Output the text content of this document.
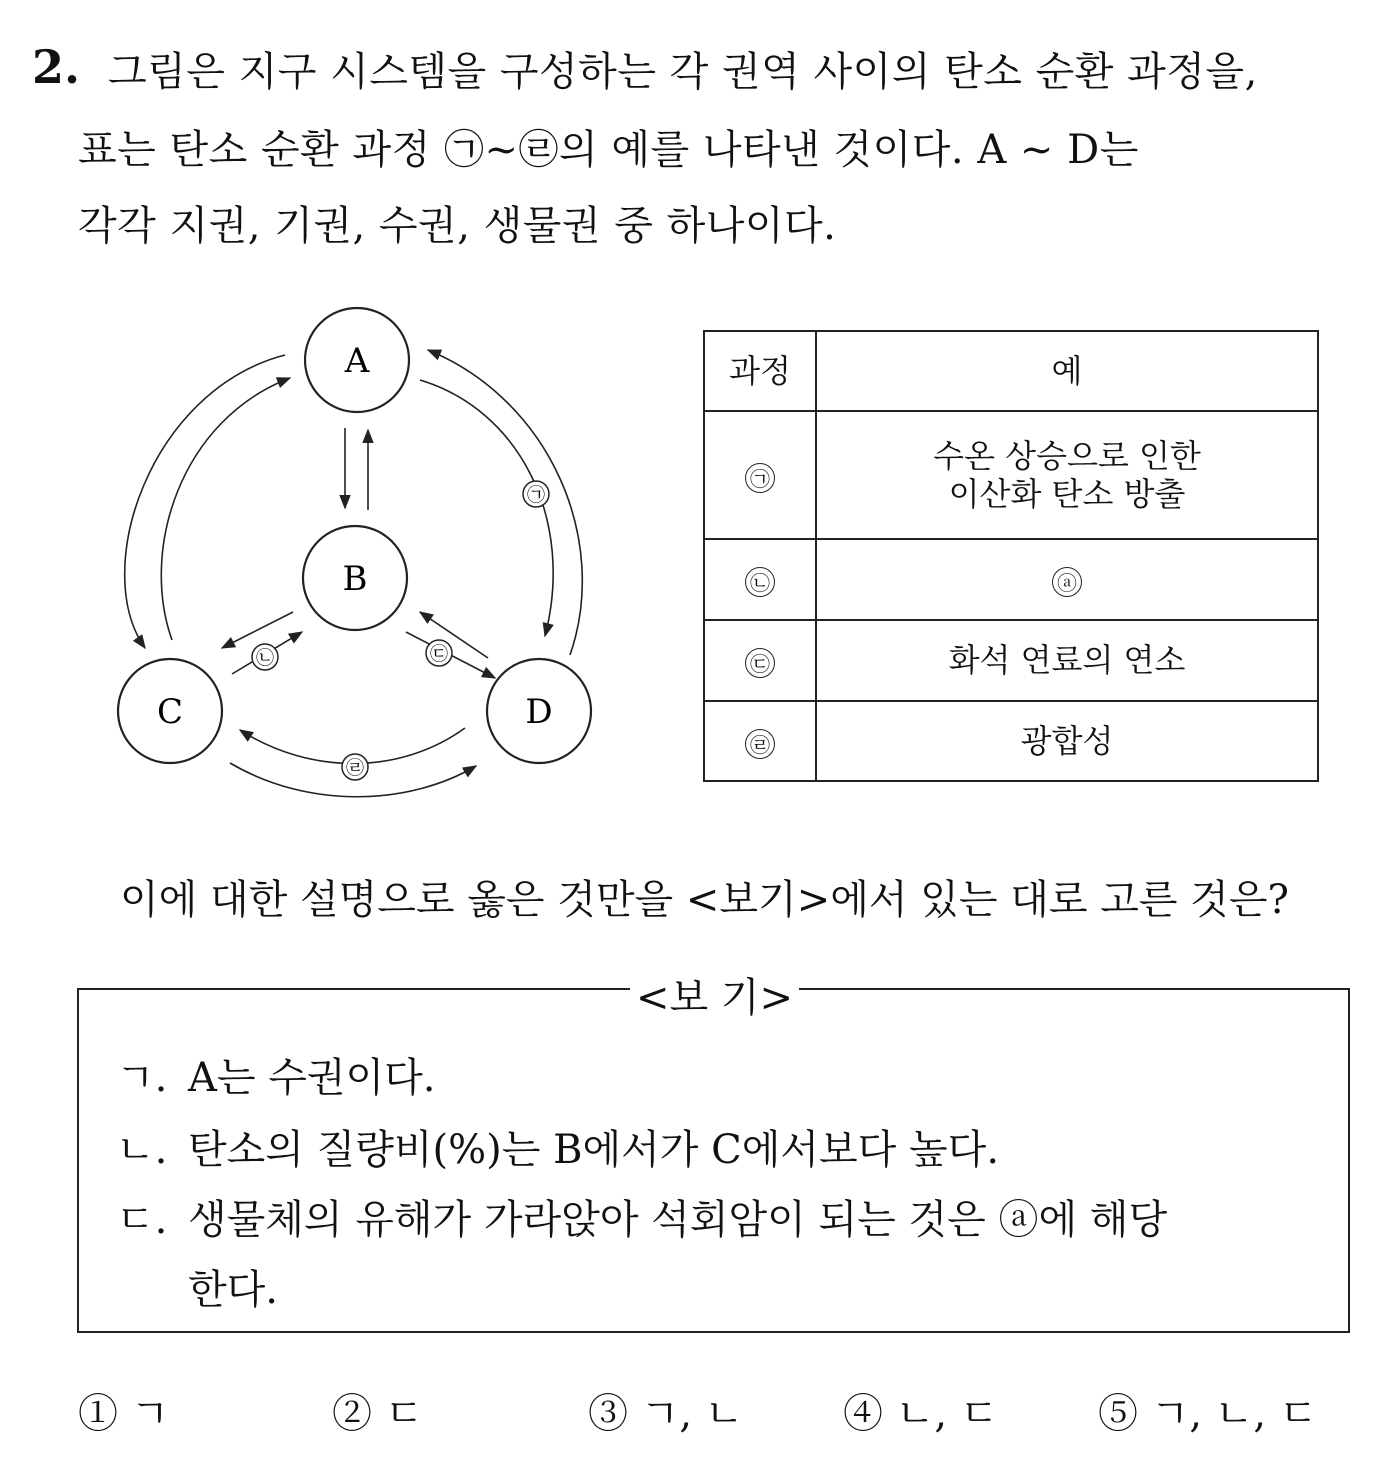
2. 그림은 지구 시스템을 구성하는 각 권역 사이의 탄소 순환 과정을,
표는 탄소 순환 과정 ㉠~㉣의 예를 나타낸 것이다. A ~ D는
각각 지권, 기권, 수권, 생물권 중 하나이다.
A
B
C	D
㉠
㉡	㉢
㉣
과정	예
㉠	수온 상승으로 인한
이산화 탄소 방출

㉡	ⓐ
㉢	화석 연료의 연소
㉣	광합성
이에 대한 설명으로 옳은 것만을 <보기>에서 있는 대로 고른 것은?
<보 기>
ㄱ. A는 수권이다.
ㄴ. 탄소의 질량비(%)는 B에서가 C에서보다 높다.
ㄷ. 생물체의 유해가 가라앉아 석회암이 되는 것은 ⓐ에 해당
한다.
① ㄱ	② ㄷ	③ ㄱ, ㄴ ④ ㄴ, ㄷ ⑤ ㄱ, ㄴ, ㄷ
